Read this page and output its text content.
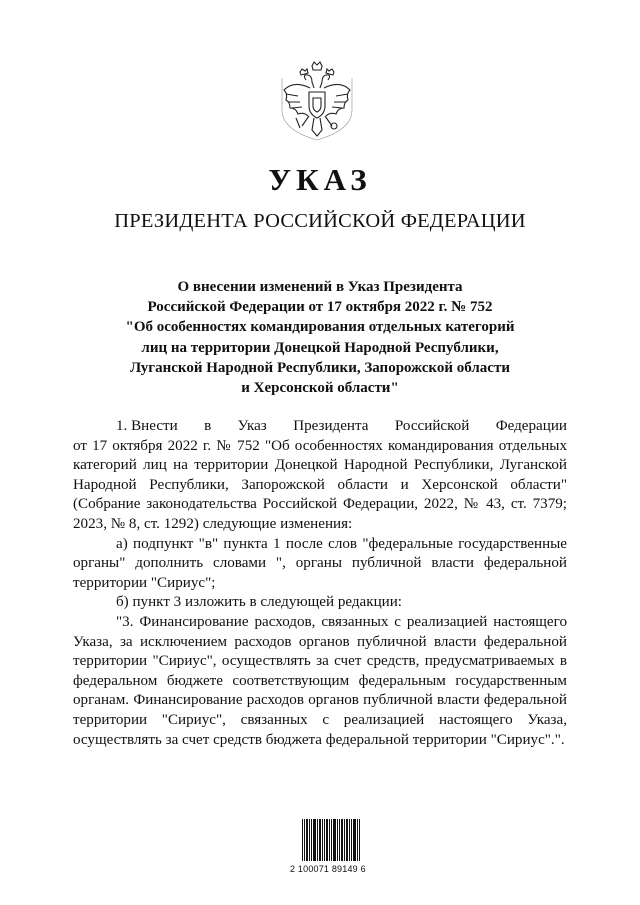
УКАЗ
ПРЕЗИДЕНТА РОССИЙСКОЙ ФЕДЕРАЦИИ
О внесении изменений в Указ Президента
Российской Федерации от 17 октября 2022 г. № 752
"Об особенностях командирования отдельных категорий
лиц на территории Донецкой Народной Республики,
Луганской Народной Республики, Запорожской области
и Херсонской области"
1. Внести в Указ Президента Российской Федерации

от 17 октября 2022 г. № 752 "Об особенностях командирования отдельных категорий лиц на территории Донецкой Народной Республики, Луганской Народной Республики, Запорожской области и Херсонской области" (Собрание законодательства Российской Федерации, 2022, № 43, ст. 7379; 2023, № 8, ст. 1292) следующие изменения:

а) подпункт "в" пункта 1 после слов "федеральные государственные органы" дополнить словами ", органы публичной власти федеральной территории "Сириус";

б) пункт 3 изложить в следующей редакции:

"3. Финансирование расходов, связанных с реализацией настоящего Указа, за исключением расходов органов публичной власти федеральной территории "Сириус", осуществлять за счет средств, предусматриваемых в федеральном бюджете соответствующим федеральным государственным органам. Финансирование расходов органов публичной власти федеральной территории "Сириус", связанных с реализацией настоящего Указа, осуществлять за счет средств бюджета федеральной территории "Сириус".".

2 100071 89149 6
